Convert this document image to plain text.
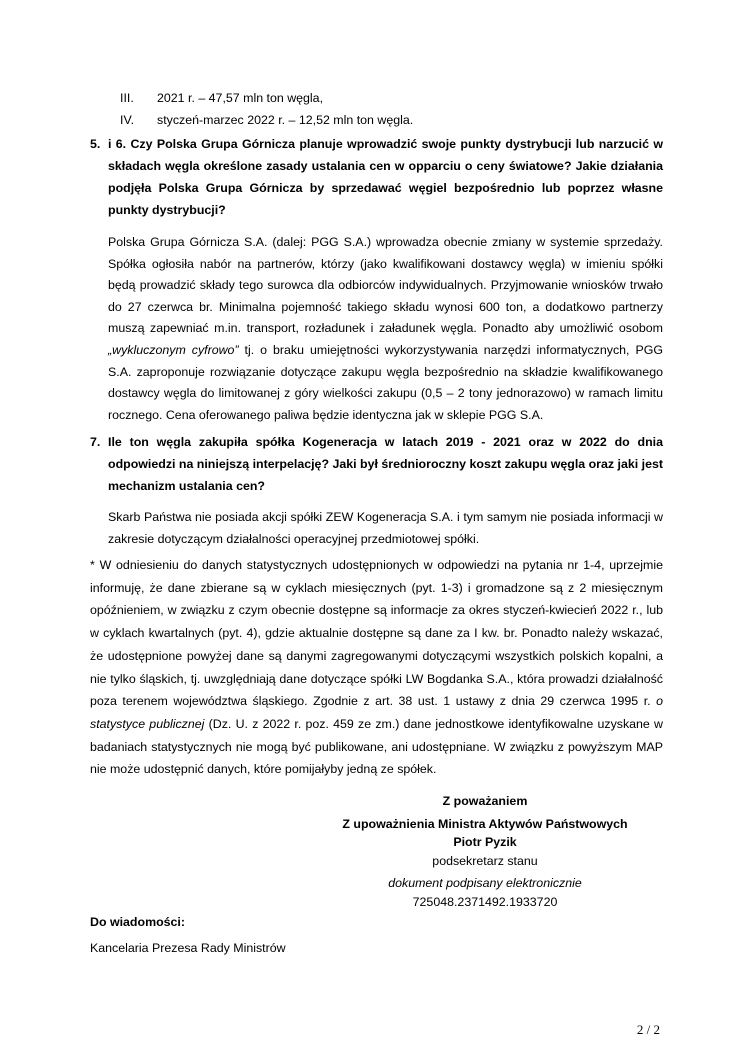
III. 2021 r. – 47,57 mln ton węgla,
IV. styczeń-marzec 2022 r. – 12,52 mln ton węgla.
5. i 6. Czy Polska Grupa Górnicza planuje wprowadzić swoje punkty dystrybucji lub narzucić w składach węgla określone zasady ustalania cen w opparciu o ceny światowe? Jakie działania podjęła Polska Grupa Górnicza by sprzedawać węgiel bezpośrednio lub poprzez własne punkty dystrybucji?
Polska Grupa Górnicza S.A. (dalej: PGG S.A.) wprowadza obecnie zmiany w systemie sprzedaży. Spółka ogłosiła nabór na partnerów, którzy (jako kwalifikowani dostawcy węgla) w imieniu spółki będą prowadzić składy tego surowca dla odbiorców indywidualnych. Przyjmowanie wniosków trwało do 27 czerwca br. Minimalna pojemność takiego składu wynosi 600 ton, a dodatkowo partnerzy muszą zapewniać m.in. transport, rozładunek i załadunek węgla. Ponadto aby umożliwić osobom „wykluczonym cyfrowo” tj. o braku umiejętności wykorzystywania narzędzi informatycznych, PGG S.A. zaproponuje rozwiązanie dotyczące zakupu węgla bezpośrednio na składzie kwalifikowanego dostawcy węgla do limitowanej z góry wielkości zakupu (0,5 – 2 tony jednorazowo) w ramach limitu rocznego. Cena oferowanego paliwa będzie identyczna jak w sklepie PGG S.A.
7. Ile ton węgla zakupiła spółka Kogeneracja w latach 2019 - 2021 oraz w 2022 do dnia odpowiedzi na niniejszą interpelację? Jaki był średnioroczny koszt zakupu węgla oraz jaki jest mechanizm ustalania cen?
Skarb Państwa nie posiada akcji spółki ZEW Kogeneracja S.A. i tym samym nie posiada informacji w zakresie dotyczącym działalności operacyjnej przedmiotowej spółki.
* W odniesieniu do danych statystycznych udostępnionych w odpowiedzi na pytania nr 1-4, uprzejmie informuję, że dane zbierane są w cyklach miesięcznych (pyt. 1-3) i gromadzone są z 2 miesięcznym opóźnieniem, w związku z czym obecnie dostępne są informacje za okres styczeń-kwiecień 2022 r., lub w cyklach kwartalnych (pyt. 4), gdzie aktualnie dostępne są dane za I kw. br. Ponadto należy wskazać, że udostępnione powyżej dane są danymi zagregowanymi dotyczącymi wszystkich polskich kopalni, a nie tylko śląskich, tj. uwzględniają dane dotyczące spółki LW Bogdanka S.A., która prowadzi działalność poza terenem województwa śląskiego. Zgodnie z art. 38 ust. 1 ustawy z dnia 29 czerwca 1995 r. o statystyce publicznej (Dz. U. z 2022 r. poz. 459 ze zm.) dane jednostkowe identyfikowalne uzyskane w badaniach statystycznych nie mogą być publikowane, ani udostępniane. W związku z powyższym MAP nie może udostępnić danych, które pomijałyby jedną ze spółek.
Z poważaniem
Z upoważnienia Ministra Aktywów Państwowych
Piotr Pyzik
podsekretarz stanu
dokument podpisany elektronicznie
725048.2371492.1933720
Do wiadomości:
Kancelaria Prezesa Rady Ministrów
2 / 2
